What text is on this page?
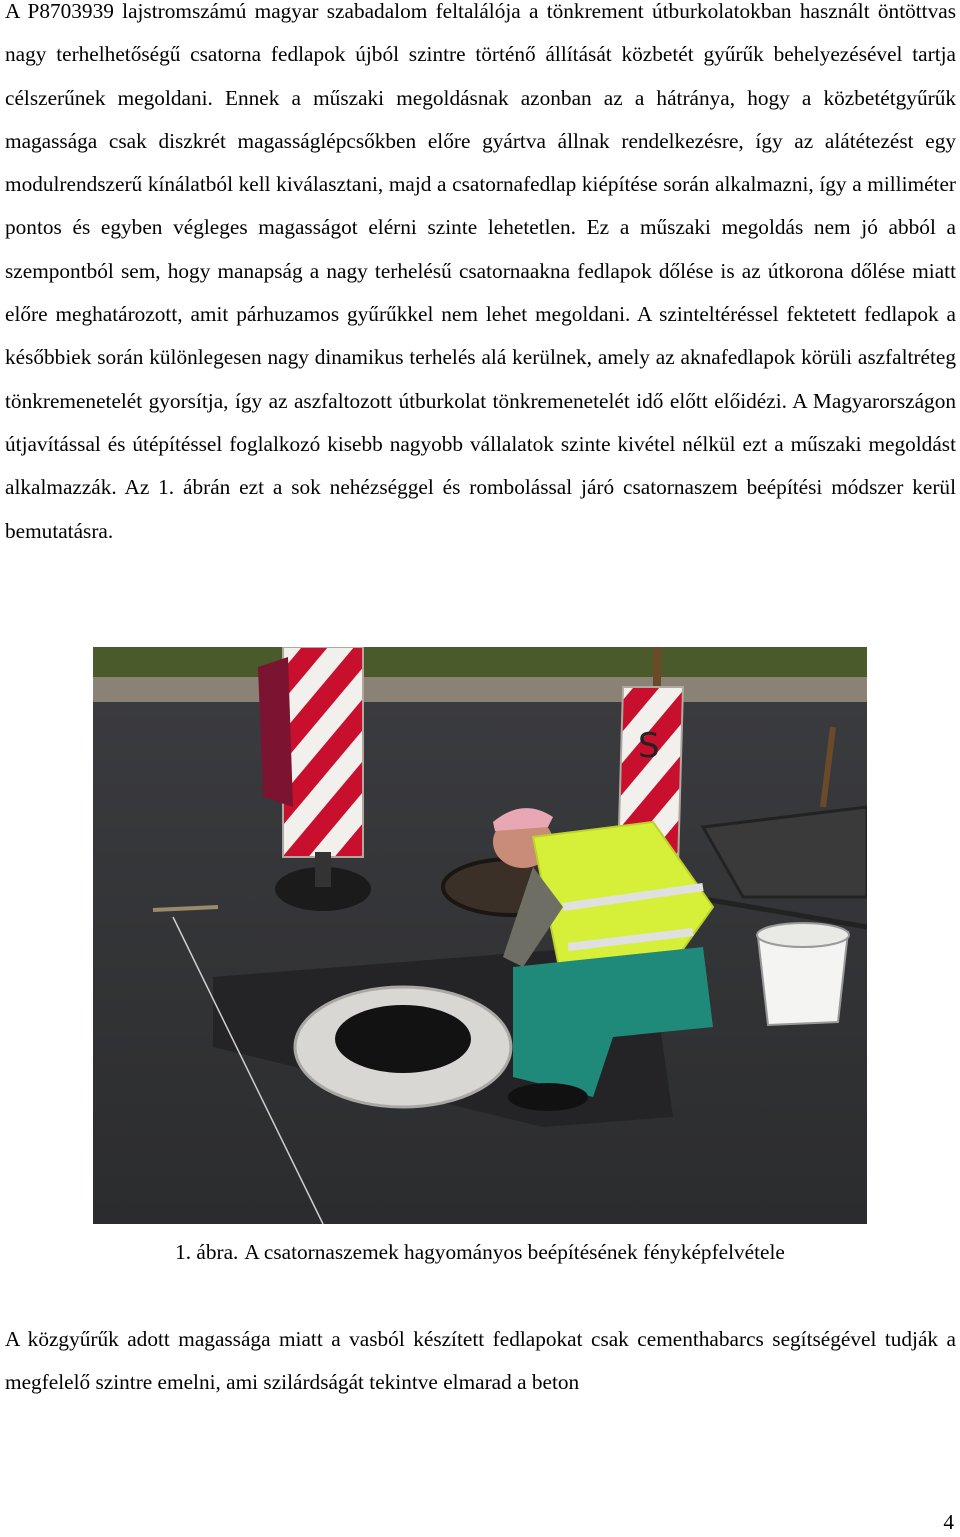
A P8703939 lajstromszámú magyar szabadalom feltalálója a tönkrement útburkolatokban használt öntöttvas nagy terhelhetőségű csatorna fedlapok újból szintre történő állítását közbetét gyűrűk behelyezésével tartja célszerűnek megoldani. Ennek a műszaki megoldásnak azonban az a hátránya, hogy a közbetétgyűrűk magassága csak diszkrét magasságlépcsőkben előre gyártva állnak rendelkezésre, így az alátétezést egy modulrendszerű kínálatból kell kiválasztani, majd a csatornafedlap kiépítése során alkalmazni, így a milliméter pontos és egyben végleges magasságot elérni szinte lehetetlen. Ez a műszaki megoldás nem jó abból a szempontból sem, hogy manapság a nagy terhelésű csatornaakna fedlapok dőlése is az útkorona dőlése miatt előre meghatározott, amit párhuzamos gyűrűkkel nem lehet megoldani. A szinteltéréssel fektetett fedlapok a későbbiek során különlegesen nagy dinamikus terhelés alá kerülnek, amely az aknafedlapok körüli aszfaltréteg tönkremenetelét gyorsítja, így az aszfaltozott útburkolat tönkremenetelét idő előtt előidézi. A Magyarországon útjavítással és útépítéssel foglalkozó kisebb nagyobb vállalatok szinte kivétel nélkül ezt a műszaki megoldást alkalmazzák. Az 1. ábrán ezt a sok nehézséggel és rombolással járó csatornaszem beépítési módszer kerül bemutatásra.

S
1. ábra. A csatornaszemek hagyományos beépítésének fényképfelvétele

A közgyűrűk adott magassága miatt a vasból készített fedlapokat csak cementhabarcs segítségével tudják a megfelelő szintre emelni, ami szilárdságát tekintve elmarad a beton

4
